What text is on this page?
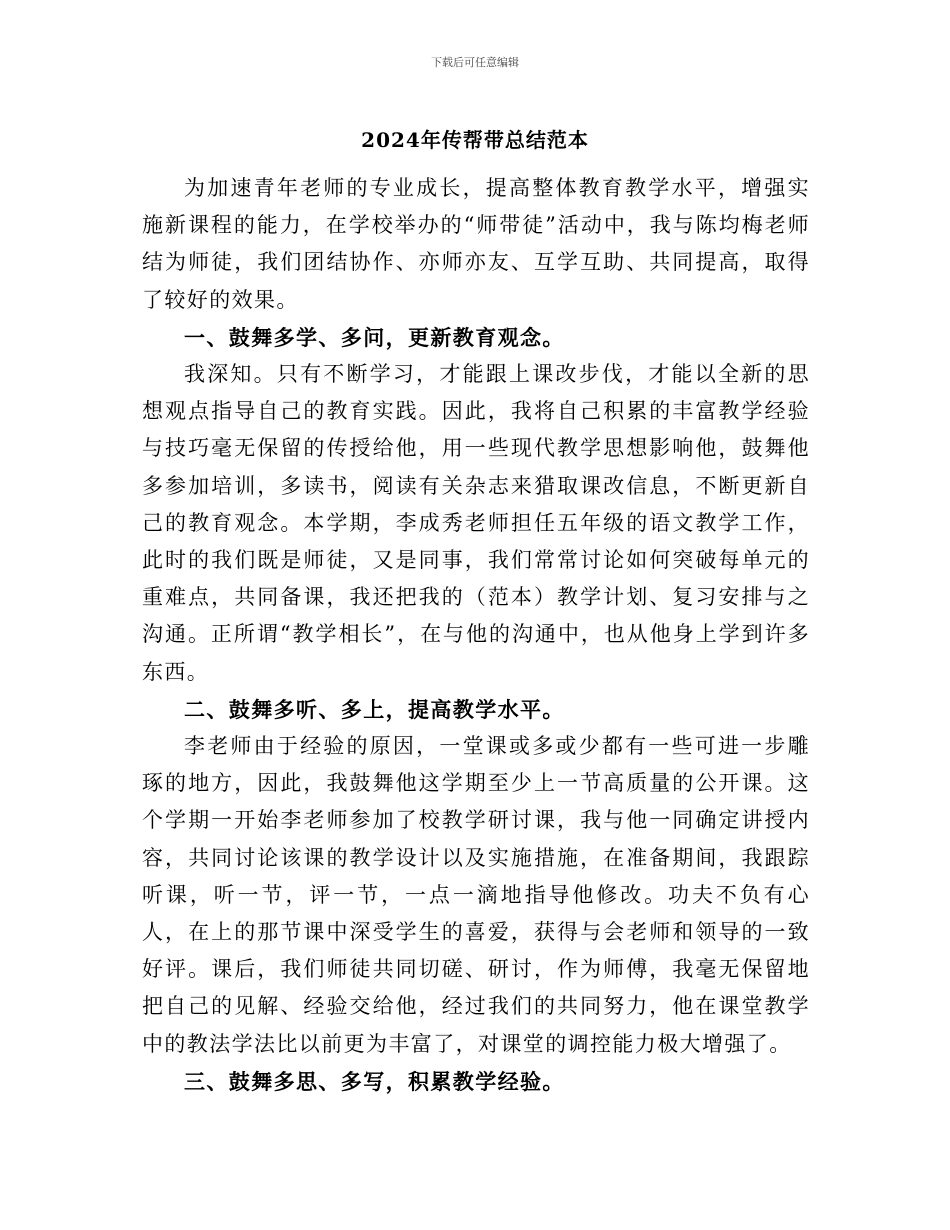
下载后可任意编辑
2024年传帮带总结范本

为加速青年老师的专业成长，提高整体教育教学水平，增强实施新课程的能力，在学校举办的“师带徒”活动中，我与陈均梅老师结为师徒，我们团结协作、亦师亦友、互学互助、共同提高，取得了较好的效果。

一、鼓舞多学、多问，更新教育观念。

我深知。只有不断学习，才能跟上课改步伐，才能以全新的思想观点指导自己的教育实践。因此，我将自己积累的丰富教学经验与技巧毫无保留的传授给他，用一些现代教学思想影响他，鼓舞他多参加培训，多读书，阅读有关杂志来猎取课改信息，不断更新自己的教育观念。本学期，李成秀老师担任五年级的语文教学工作，此时的我们既是师徒，又是同事，我们常常讨论如何突破每单元的重难点，共同备课，我还把我的（范本）教学计划、复习安排与之沟通。正所谓“教学相长”，在与他的沟通中，也从他身上学到许多东西。

二、鼓舞多听、多上，提高教学水平。

李老师由于经验的原因，一堂课或多或少都有一些可进一步雕琢的地方，因此，我鼓舞他这学期至少上一节高质量的公开课。这个学期一开始李老师参加了校教学研讨课，我与他一同确定讲授内容，共同讨论该课的教学设计以及实施措施，在准备期间，我跟踪听课，听一节，评一节，一点一滴地指导他修改。功夫不负有心人，在上的那节课中深受学生的喜爱，获得与会老师和领导的一致好评。课后，我们师徒共同切磋、研讨，作为师傅，我毫无保留地把自己的见解、经验交给他，经过我们的共同努力，他在课堂教学中的教法学法比以前更为丰富了，对课堂的调控能力极大增强了。

三、鼓舞多思、多写，积累教学经验。
